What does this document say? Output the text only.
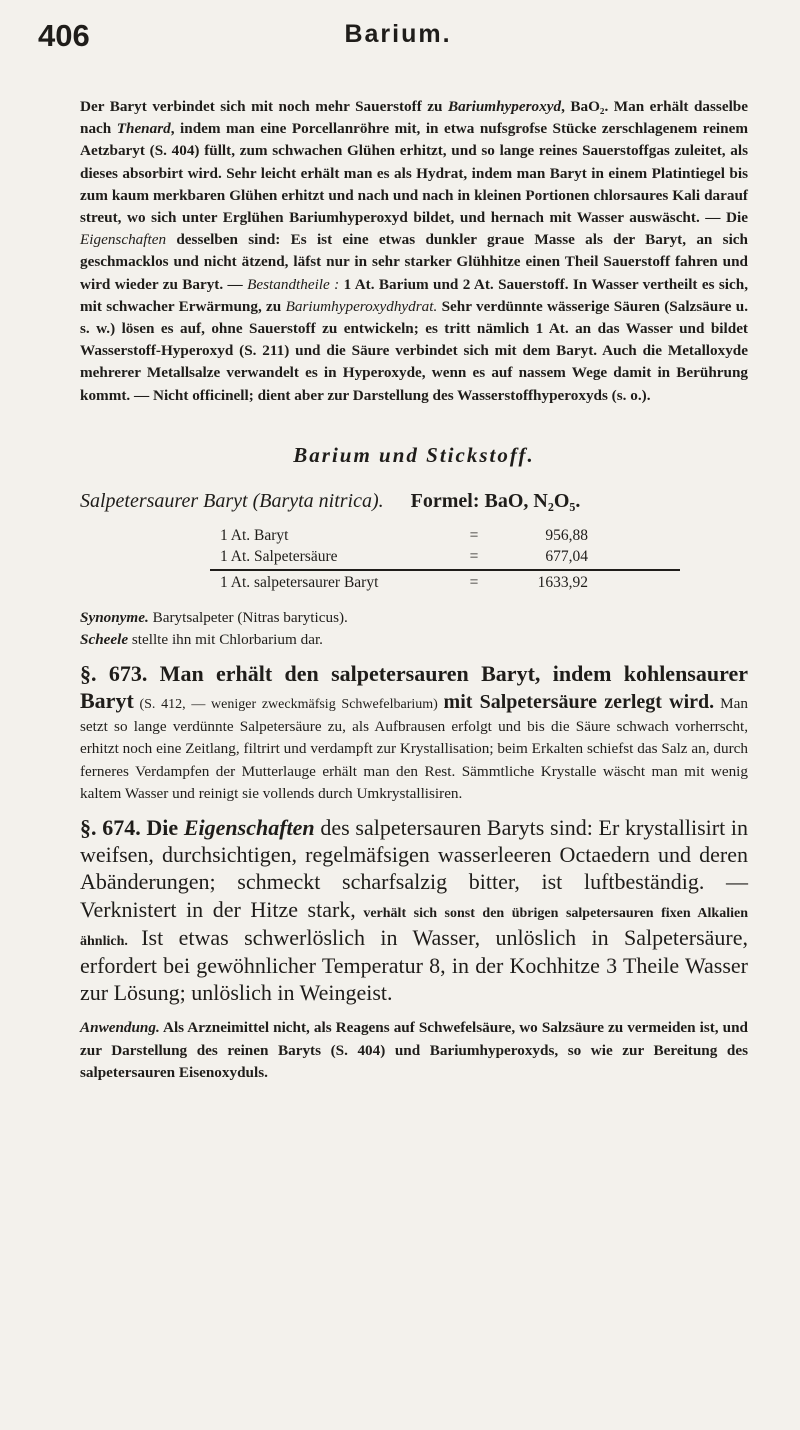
406	Barium.

Der Baryt verbindet sich mit noch mehr Sauerstoff zu Bariumhyperoxyd, BaO₂. Man erhält dasselbe nach Thenard, indem man eine Porcellanröhre mit, in etwa nufsgrofse Stücke zerschlagenem reinem Aetzbaryt (S. 404) füllt, zum schwachen Glühen erhitzt, und so lange reines Sauerstoffgas zuleitet, als dieses absorbirt wird. Sehr leicht erhält man es als Hydrat, indem man Baryt in einem Platintiegel bis zum kaum merkbaren Glühen erhitzt und nach und nach in kleinen Portionen chlorsaures Kali darauf streut, wo sich unter Erglühen Bariumhyperoxyd bildet, und hernach mit Wasser auswäscht. — Die Eigenschaften desselben sind: Es ist eine etwas dunkler graue Masse als der Baryt, an sich geschmacklos und nicht ätzend, läfst nur in sehr starker Glühhitze einen Theil Sauerstoff fahren und wird wieder zu Baryt. — Bestandtheile : 1 At. Barium und 2 At. Sauerstoff. In Wasser vertheilt es sich, mit schwacher Erwärmung, zu Bariumhyperoxydhydrat. Sehr verdünnte wässerige Säuren (Salzsäure u. s. w.) lösen es auf, ohne Sauerstoff zu entwickeln; es tritt nämlich 1 At. an das Wasser und bildet Wasserstoff-Hyperoxyd (S. 211) und die Säure verbindet sich mit dem Baryt. Auch die Metalloxyde mehrerer Metallsalze verwandelt es in Hyperoxyde, wenn es auf nassem Wege damit in Berührung kommt. — Nicht officinell; dient aber zur Darstellung des Wasserstoffhyperoxyds (s. o.).

Barium und Stickstoff.
Salpetersaurer Baryt (Baryta nitrica). Formel: BaO, N₂O₅.
1 At. Baryt	=	956,88
1 At. Salpetersäure	=	677,04
1 At. salpetersaurer Baryt	=	1633,92

Synonyme. Barytsalpeter (Nitras baryticus).
Scheele stellte ihn mit Chlorbarium dar.

§. 673. Man erhält den salpetersauren Baryt, indem kohlensaurer Baryt (S. 412, — weniger zweckmäfsig Schwefelbarium) mit Salpetersäure zerlegt wird. Man setzt so lange verdünnte Salpetersäure zu, als Aufbrausen erfolgt und bis die Säure schwach vorherrscht, erhitzt noch eine Zeitlang, filtrirt und verdampft zur Krystallisation; beim Erkalten schiefst das Salz an, durch ferneres Verdampfen der Mutterlauge erhält man den Rest. Sämmtliche Krystalle wäscht man mit wenig kaltem Wasser und reinigt sie vollends durch Umkrystallisiren.

§. 674. Die Eigenschaften des salpetersauren Baryts sind: Er krystallisirt in weifsen, durchsichtigen, regelmäfsigen wasserleeren Octaedern und deren Abänderungen; schmeckt scharfsalzig bitter, ist luftbeständig. — Verknistert in der Hitze stark, verhält sich sonst den übrigen salpetersauren fixen Alkalien ähnlich. Ist etwas schwerlöslich in Wasser, unlöslich in Salpetersäure, erfordert bei gewöhnlicher Temperatur 8, in der Kochhitze 3 Theile Wasser zur Lösung; unlöslich in Weingeist.

Anwendung. Als Arzneimittel nicht, als Reagens auf Schwefelsäure, wo Salzsäure zu vermeiden ist, und zur Darstellung des reinen Baryts (S. 404) und Bariumhyperoxyds, so wie zur Bereitung des salpetersauren Eisenoxyduls.
